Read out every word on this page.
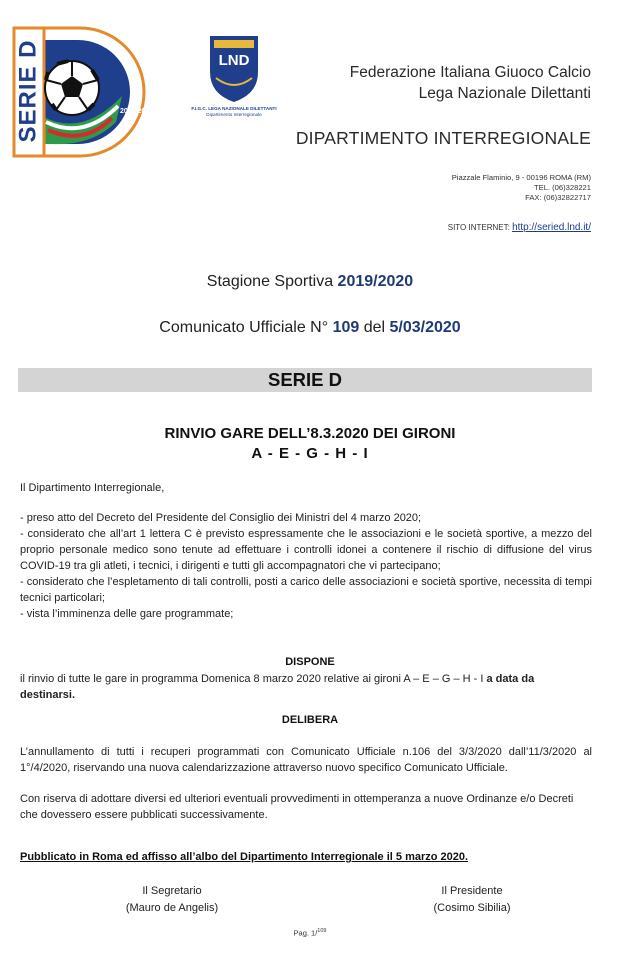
SERIE D	2019/2020
LND
F.I.G.C. LEGA NAZIONALE DILETTANTI
Dipartimento Interregionale
Federazione Italiana Giuoco Calcio
Lega Nazionale Dilettanti
DIPARTIMENTO INTERREGIONALE
Piazzale Flaminio, 9 - 00196 ROMA (RM)
TEL. (06)328221
FAX: (06)32822717
SITO INTERNET: http://seried.lnd.it/
Stagione Sportiva 2019/2020
Comunicato Ufficiale N° 109 del 5/03/2020
SERIE D
RINVIO GARE DELL’8.3.2020 DEI GIRONI
A - E - G - H - I
Il Dipartimento Interregionale,
- preso atto del Decreto del Presidente del Consiglio dei Ministri del 4 marzo 2020;
- considerato che all’art 1 lettera C è previsto espressamente che le associazioni e le società sportive, a mezzo del proprio personale medico sono tenute ad effettuare i controlli idonei a contenere il rischio di diffusione del virus COVID-19 tra gli atleti, i tecnici, i dirigenti e tutti gli accompagnatori che vi partecipano;
- considerato che l’espletamento di tali controlli, posti a carico delle associazioni e società sportive, necessita di tempi tecnici particolari;
- vista l’imminenza delle gare programmate;
DISPONE
il rinvio di tutte le gare in programma Domenica 8 marzo 2020 relative ai gironi A – E – G – H - I a data da destinarsi.
DELIBERA
L’annullamento di tutti i recuperi programmati con Comunicato Ufficiale n.106 del 3/3/2020 dall’11/3/2020 al 1°/4/2020, riservando una nuova calendarizzazione attraverso nuovo specifico Comunicato Ufficiale.
Con riserva di adottare diversi ed ulteriori eventuali provvedimenti in ottemperanza a nuove Ordinanze e/o Decreti che dovessero essere pubblicati successivamente.
Pubblicato in Roma ed affisso all’albo del Dipartimento Interregionale il 5 marzo 2020.
Il Segretario
(Mauro de Angelis)
Il Presidente
(Cosimo Sibilia)
Pag. 1/$^{109}$
